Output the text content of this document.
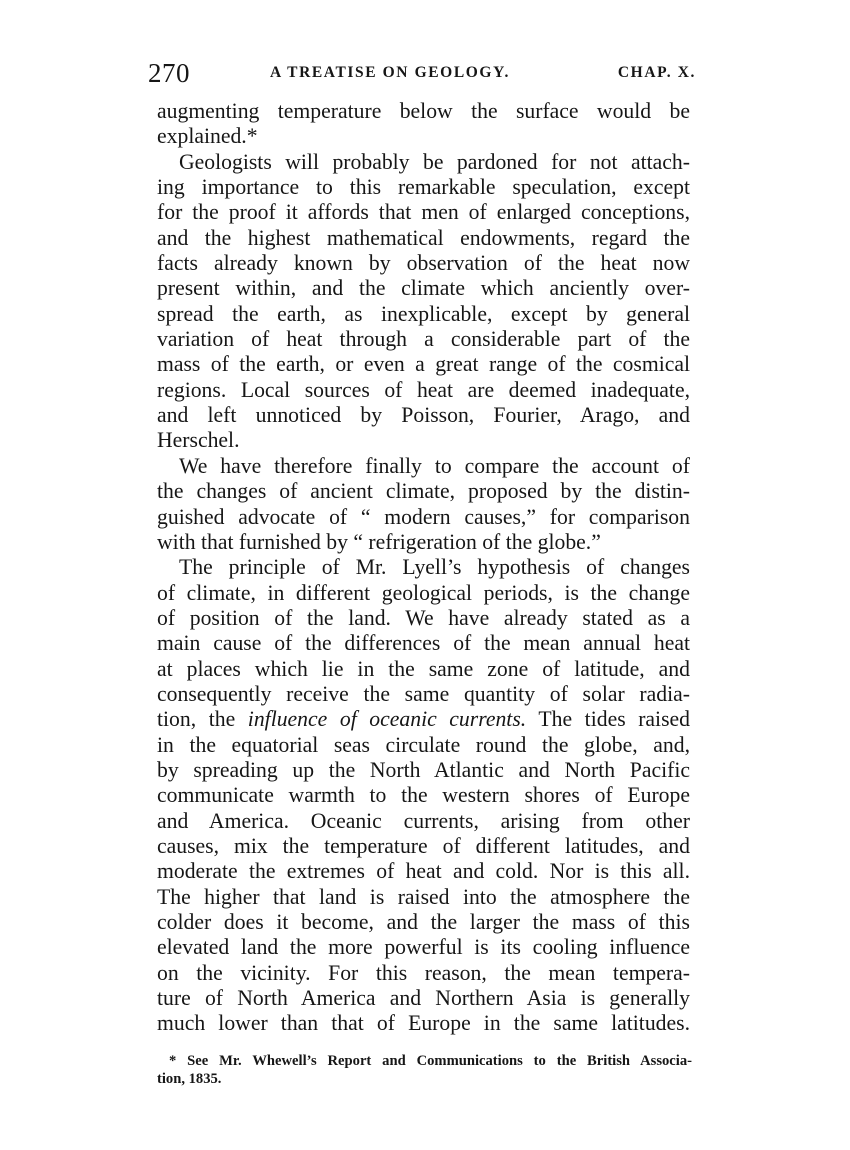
270	A TREATISE ON GEOLOGY.	CHAP. X.
augmenting temperature below the surface would be
explained.*
Geologists will probably be pardoned for not attach-
ing importance to this remarkable speculation, except
for the proof it affords that men of enlarged conceptions,
and the highest mathematical endowments, regard the
facts already known by observation of the heat now
present within, and the climate which anciently over-
spread the earth, as inexplicable, except by general
variation of heat through a considerable part of the
mass of the earth, or even a great range of the cosmical
regions. Local sources of heat are deemed inadequate,
and left unnoticed by Poisson, Fourier, Arago, and
Herschel.
We have therefore finally to compare the account of
the changes of ancient climate, proposed by the distin-
guished advocate of “ modern causes,” for comparison
with that furnished by “ refrigeration of the globe.”
The principle of Mr. Lyell’s hypothesis of changes
of climate, in different geological periods, is the change
of position of the land. We have already stated as a
main cause of the differences of the mean annual heat
at places which lie in the same zone of latitude, and
consequently receive the same quantity of solar radia-
tion, the influence of oceanic currents. The tides raised
in the equatorial seas circulate round the globe, and,
by spreading up the North Atlantic and North Pacific
communicate warmth to the western shores of Europe
and America. Oceanic currents, arising from other
causes, mix the temperature of different latitudes, and
moderate the extremes of heat and cold. Nor is this all.
The higher that land is raised into the atmosphere the
colder does it become, and the larger the mass of this
elevated land the more powerful is its cooling influence
on the vicinity. For this reason, the mean tempera-
ture of North America and Northern Asia is generally
much lower than that of Europe in the same latitudes.
* See Mr. Whewell’s Report and Communications to the British Associa-
tion, 1835.
